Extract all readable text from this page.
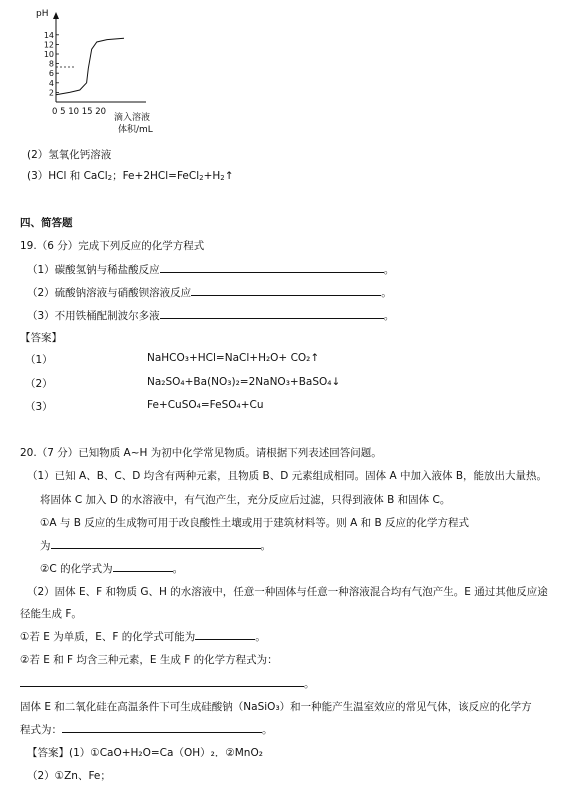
pH
2
4
6
8
10
12
14
0 5 10 15 20
滴入溶液
体积/mL
(2）氢氧化钙溶液
(3）HCl 和 CaCl$_2$；$Fe+2HCl=FeCl_2+H_2↑$
四、简答题
19.（6 分）完成下列反应的化学方程式
（1）碳酸氢钠与稀盐酸反应	。
（2）硫酸钠溶液与硝酸钡溶液反应	。
（3）不用铁桶配制波尔多液	。
【答案】
（1）	NaHCO₃+HCl=NaCl+H₂O+ CO₂↑
（2）	Na₂SO₄+Ba(NO₃)₂=2NaNO₃+BaSO₄↓
（3）	Fe+CuSO₄=FeSO₄+Cu
20.（7 分）已知物质 A~H 为初中化学常见物质。请根据下列表述回答问题。
（1）已知 A、B、C、D 均含有两种元素，且物质 B、D 元素组成相同。固体 A 中加入液体 B，能放出大量热。
将固体 C 加入 D 的水溶液中，有气泡产生，充分反应后过滤，只得到液体 B 和固体 C。
①A 与 B 反应的生成物可用于改良酸性土壤或用于建筑材料等。则 A 和 B 反应的化学方程式
为	。
②C 的化学式为	。
（2）固体 E、F 和物质 G、H 的水溶液中，任意一种固体与任意一种溶液混合均有气泡产生。E 通过其他反应途
径能生成 F。
①若 E 为单质，E、F 的化学式可能为	。
②若 E 和 F 均含三种元素，E 生成 F 的化学方程式为：
。
固体 E 和二氧化硅在高温条件下可生成硅酸钠（NaSiO₃）和一种能产生温室效应的常见气体，该反应的化学方
程式为：	。
【答案】(1）①CaO+H₂O=Ca（OH）₂．②MnO₂
（2）①Zn、Fe；
